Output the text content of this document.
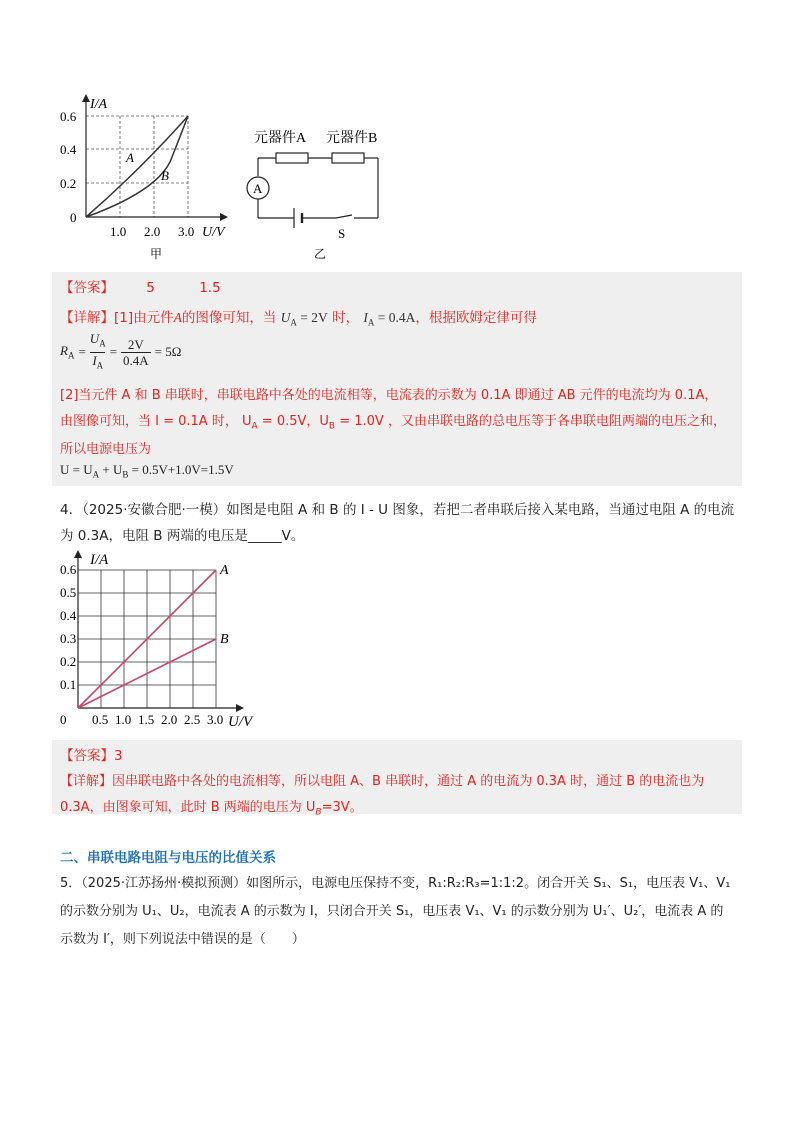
A
B
I/A
0.6
0.4
0.2
0
1.0 2.0 3.0 U/V
甲
元器件A 元器件B
A
S
乙
【答案】 5	1.5
【详解】[1]由元件A的图像可知，当 $U_A = 2V$ 时， $I_A = 0.4A$，根据欧姆定律可得
$R_A = \frac{U_A}{I_A} = \frac{2V}{0.4A} = 5\Omega$
[2]当元件 A 和 B 串联时，串联电路中各处的电流相等，电流表的示数为 0.1A 即通过 AB 元件的电流均为 0.1A，
由图像可知，当 I = 0.1A 时， $U_A = 0.5V$，$U_B = 1.0V$ ，又由串联电路的总电压等于各串联电阻两端的电压之和，
所以电源电压为
$U = U_A + U_B = 0.5V+1.0V=1.5V$
4．（2025·安徽合肥·一模）如图是电阻 A 和 B 的 I - U 图象，若把二者串联后接入某电路，当通过电阻 A 的电流
为 0.3A，电阻 B 两端的电压是_____V。
A
B
0.1
0.2
0.3
0.4
0.5
0.6
0 0.5 1.0 1.5 2.0 2.5 3.0
I/A
U/V
【答案】3
【详解】因串联电路中各处的电流相等，所以电阻 A、B 串联时，通过 A 的电流为 0.3A 时，通过 B 的电流也为
0.3A，由图象可知，此时 B 两端的电压为 $U_B=3V$。
二、串联电路电阻与电压的比值关系
5．（2025·江苏扬州·模拟预测）如图所示，电源电压保持不变，R₁:R₂:R₃=1:1:2。闭合开关 S₁、S₁，电压表 V₁、V₁
的示数分别为 U₁、U₂，电流表 A 的示数为 I，只闭合开关 S₁，电压表 V₁、V₁ 的示数分别为 U₁′、U₂′，电流表 A 的
示数为 I′，则下列说法中错误的是（　　）
